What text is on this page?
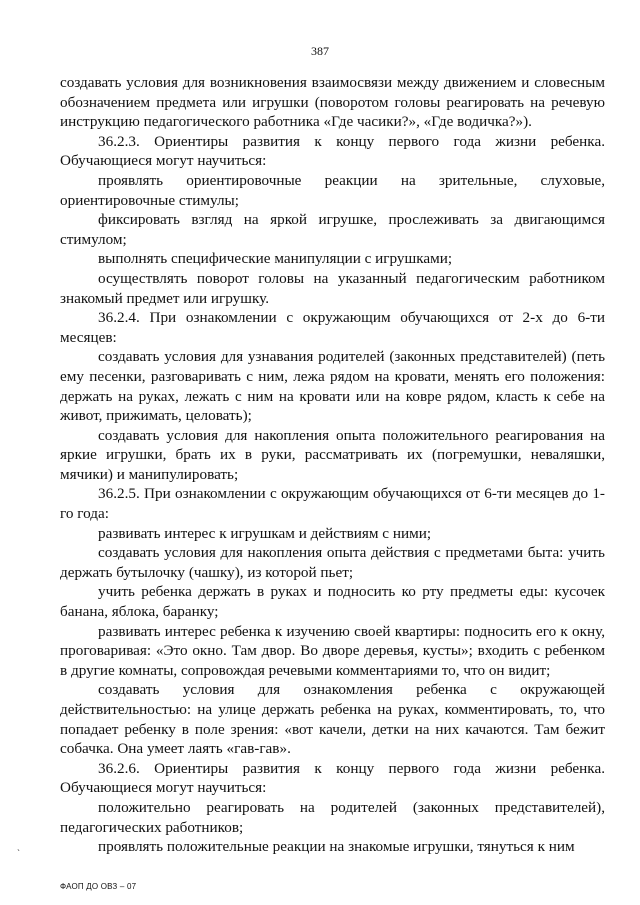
387

создавать условия для возникновения взаимосвязи между движением и словесным обозначением предмета или игрушки (поворотом головы реагировать на речевую инструкцию педагогического работника «Где часики?», «Где водичка?»).

36.2.3. Ориентиры развития к концу первого года жизни ребенка. Обучающиеся могут научиться:

проявлять ориентировочные реакции на зрительные, слуховые, ориентировочные стимулы;

фиксировать взгляд на яркой игрушке, прослеживать за двигающимся стимулом;

выполнять специфические манипуляции с игрушками;

осуществлять поворот головы на указанный педагогическим работником знакомый предмет или игрушку.

36.2.4. При ознакомлении с окружающим обучающихся от 2-х до 6-ти месяцев:

создавать условия для узнавания родителей (законных представителей) (петь ему песенки, разговаривать с ним, лежа рядом на кровати, менять его положения: держать на руках, лежать с ним на кровати или на ковре рядом, класть к себе на живот, прижимать, целовать);

создавать условия для накопления опыта положительного реагирования на яркие игрушки, брать их в руки, рассматривать их (погремушки, неваляшки, мячики) и манипулировать;

36.2.5. При ознакомлении с окружающим обучающихся от 6-ти месяцев до 1-го года:

развивать интерес к игрушкам и действиям с ними;

создавать условия для накопления опыта действия с предметами быта: учить держать бутылочку (чашку), из которой пьет;

учить ребенка держать в руках и подносить ко рту предметы еды: кусочек банана, яблока, баранку;

развивать интерес ребенка к изучению своей квартиры: подносить его к окну, проговаривая: «Это окно. Там двор. Во дворе деревья, кусты»; входить с ребенком в другие комнаты, сопровождая речевыми комментариями то, что он видит;

создавать условия для ознакомления ребенка с окружающей действительностью: на улице держать ребенка на руках, комментировать, то, что попадает ребенку в поле зрения: «вот качели, детки на них качаются. Там бежит собачка. Она умеет лаять «гав-гав».

36.2.6. Ориентиры развития к концу первого года жизни ребенка. Обучающиеся могут научиться:

положительно реагировать на родителей (законных представителей), педагогических работников;

проявлять положительные реакции на знакомые игрушки, тянуться к ним

ˎ
ФАОП ДО ОВЗ – 07
